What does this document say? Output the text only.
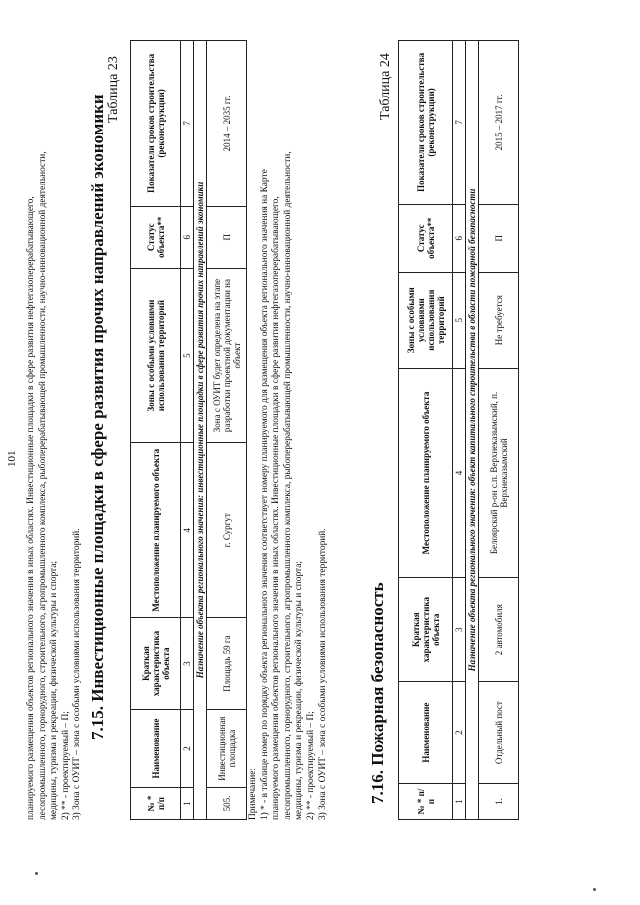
101 планируемого размещения объектов регионального значения в иных областях. Инвестиционные площадки в сфере развития нефтегазоперерабатывающего, лесопромышленного, горнорудного, строительного, агропромышленного комплекса, рыбоперерабатывающей промышленности, научно-инновационной деятельности, медицины, туризма и рекреации, физической культуры и спорта; 2) ** - проектируемый – П; 3) Зона с ОУИТ – зона с особыми условиями использования территорий. 7.15. Инвестиционные площадки в сфере развития прочих направлений экономики
Таблица 23
№ * п/п	Наименование	Краткая характеристика объекта	Местоположение планируемого объекта	Зоны с особыми условиями использования территорий	Статус объекта**	Показатели сроков строительства (реконструкции)
1	2	3	4	5	6	7
Назначение объекта регионального значения: инвестиционные площадки в сфере развития прочих направлений экономики						
505.	Инвестиционная площадка	Площадь 59 га	г. Сургут	Зона с ОУИТ будет определена на этапе разработки проектной документации на объект	П	2014 – 2035 гг.

Примечание: 1) * - в таблице номер по порядку объекта регионального значения соответствует номеру планируемого для размещения объекта регионального значения на Карте планируемого размещения объектов регионального значения в иных областях. Инвестиционные площадки в сфере развития нефтегазоперерабатывающего, лесопромышленного, горнорудного, строительного, агропромышленного комплекса, рыбоперерабатывающей промышленности, научно-инновационной деятельности, медицины, туризма и рекреации, физической культуры и спорта; 2) ** - проектируемый – П; 3) Зона с ОУИТ – зона с особыми условиями использования территорий. 7.16. Пожарная безопасность
Таблица 24
№ * п/п	Наименование	Краткая характеристика объекта	Местоположение планируемого объекта	Зоны с особыми условиями использования территорий	Статус объекта**	Показатели сроков строительства (реконструкции)
1	2	3	4	5	6	7
Назначение объекта регионального значения: объект капитального строительства в области пожарной безопасности						
1.	Отдельный пост	2 автомобиля	Белоярский р-он с.п. Верхнеказымский, п. Верхнеказымский	Не требуется	П	2015 – 2017 гг.
